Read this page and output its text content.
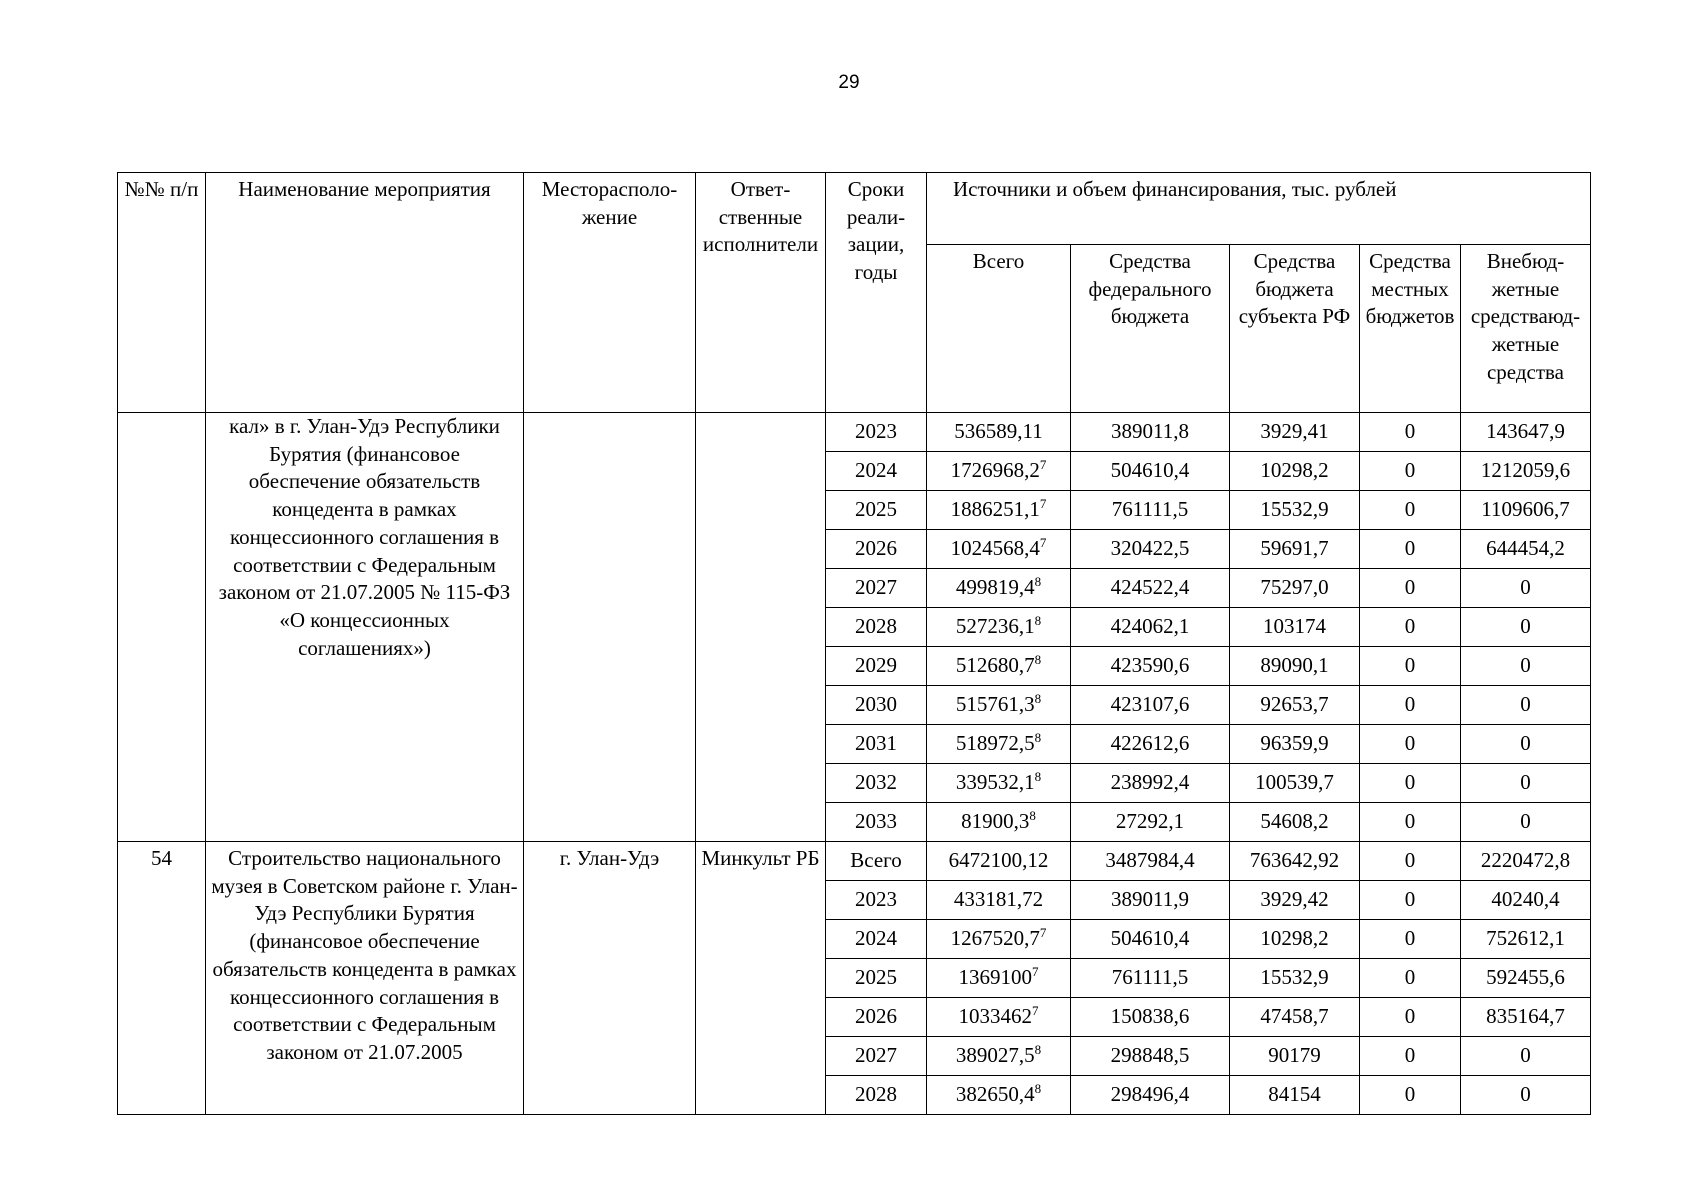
29
№№ п/п	Наименование мероприятия	Месторасположение	Ответственные исполнители	Сроки реализации, годы	Источники и объем финансирования, тыс. рублей				
					Всего	Средства федерального бюджета	Средства бюджета субъекта РФ	Средства местных бюджетов	Внебюджетные средстваюджетные средства

	кал» в г. Улан-Удэ Республики Бурятия (финансовое обеспечение обязательств концедента в рамках концессионного соглашения в соответствии с Федеральным законом от 21.07.2005 № 115-ФЗ «О концессионных соглашениях»)			2023	536589,11	389011,8	3929,41	0	143647,9
				2024	1726968,2$^7$	504610,4	10298,2	0	1212059,6
				2025	1886251,1$^7$	761111,5	15532,9	0	1109606,7
				2026	1024568,4$^7$	320422,5	59691,7	0	644454,2
				2027	499819,4$^8$	424522,4	75297,0	0	0
				2028	527236,1$^8$	424062,1	103174	0	0
				2029	512680,7$^8$	423590,6	89090,1	0	0
				2030	515761,3$^8$	423107,6	92653,7	0	0
				2031	518972,5$^8$	422612,6	96359,9	0	0
				2032	339532,1$^8$	238992,4	100539,7	0	0
				2033	81900,3$^8$	27292,1	54608,2	0	0
54	Строительство национального музея в Советском районе г. Улан-Удэ Республики Бурятия (финансовое обеспечение обязательств концедента в рамках концессионного соглашения в соответствии с Федеральным законом от 21.07.2005	г. Улан-Удэ	Минкульт РБ	Всего	6472100,12	3487984,4	763642,92	0	2220472,8
				2023	433181,72	389011,9	3929,42	0	40240,4
				2024	1267520,7$^7$	504610,4	10298,2	0	752612,1
				2025	1369100$^7$	761111,5	15532,9	0	592455,6
				2026	1033462$^7$	150838,6	47458,7	0	835164,7
				2027	389027,5$^8$	298848,5	90179	0	0
				2028	382650,4$^8$	298496,4	84154	0	0
